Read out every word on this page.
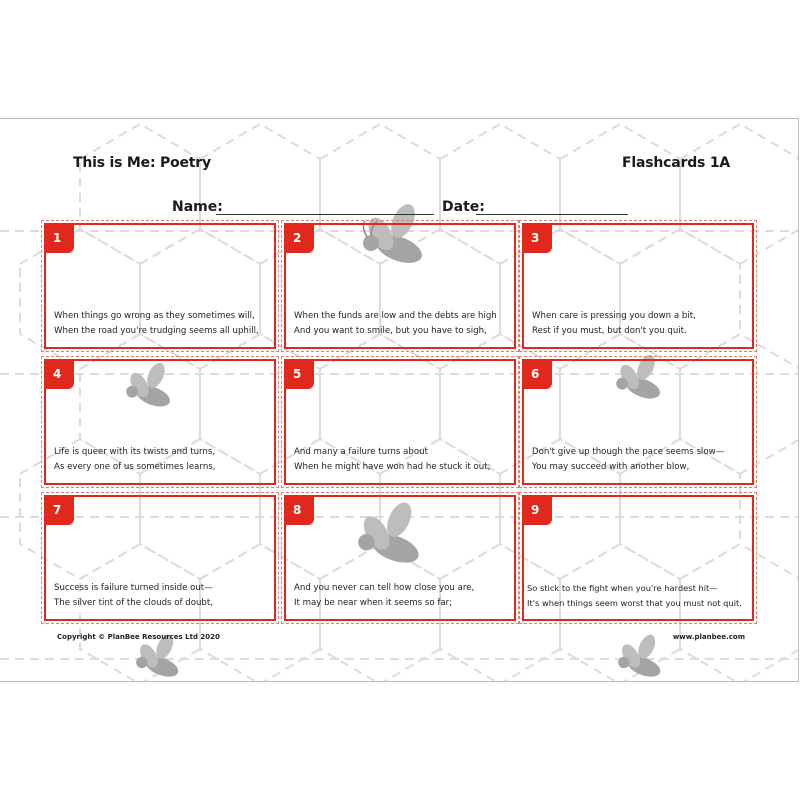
This is Me: Poetry	Flashcards 1A
Name:	Date:
1
When things go wrong as they sometimes will,
When the road you're trudging seems all uphill,
2
When the funds are low and the debts are high
And you want to smile, but you have to sigh,
3
When care is pressing you down a bit,
Rest if you must, but don't you quit.
4
Life is queer with its twists and turns,
As every one of us sometimes learns,
5
And many a failure turns about
When he might have won had he stuck it out;
6
Don't give up though the pace seems slow—
You may succeed with another blow,
7
Success is failure turned inside out—
The silver tint of the clouds of doubt,
8
And you never can tell how close you are,
It may be near when it seems so far;
9
So stick to the fight when you're hardest hit—
It's when things seem worst that you must not quit.
Copyright © PlanBee Resources Ltd 2020	www.planbee.com
